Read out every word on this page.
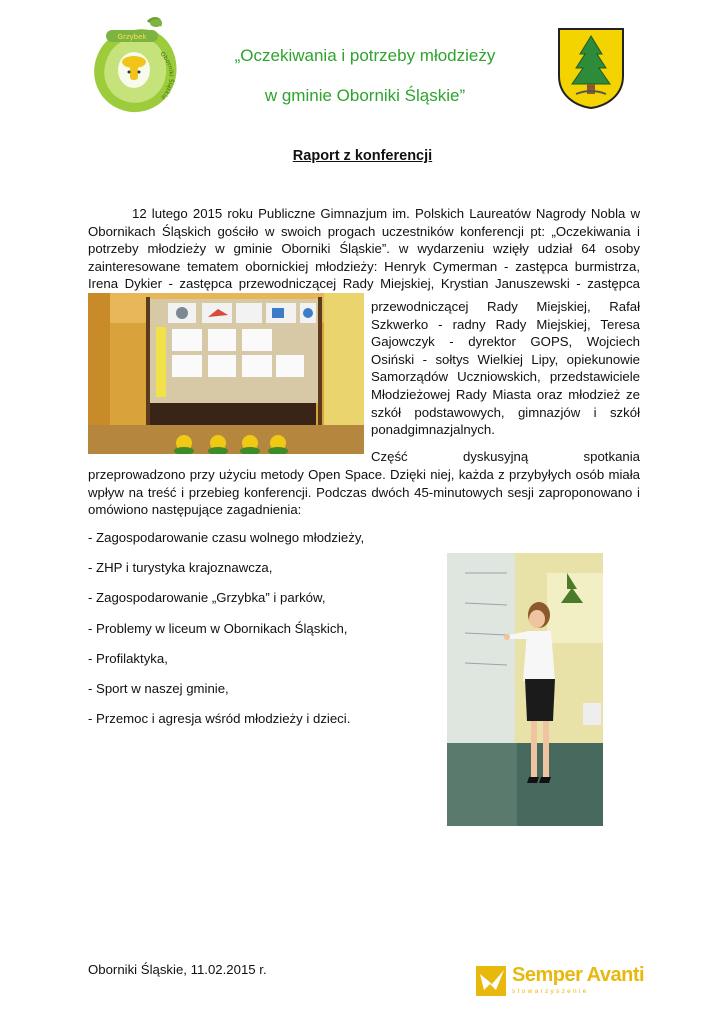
Grzybek
Oborniki Śląskie
„Oczekiwania i potrzeby młodzieży
w gminie Oborniki Śląskie”
Raport z konferencji
12 lutego 2015 roku Publiczne Gimnazjum im. Polskich Laureatów Nagrody Nobla w Obornikach Śląskich gościło w swoich progach uczestników konferencji pt: „Oczekiwania i potrzeby młodzieży w gminie Oborniki Śląskie”. w wydarzeniu wzięły udział 64 osoby zainteresowane tematem obornickiej młodzieży: Henryk Cymerman - zastępca burmistrza, Irena Dykier - zastępca przewodniczącej Rady Miejskiej, Krystian Januszewski - zastępca
przewodniczącej Rady Miejskiej, Rafał Szkwerko - radny Rady Miejskiej, Teresa Gajowczyk - dyrektor GOPS, Wojciech Osiński - sołtys Wielkiej Lipy, opiekunowie Samorządów Uczniowskich, przedstawiciele Młodzieżowej Rady Miasta oraz młodzież ze szkół podstawowych, gimnazjów i szkół ponadgimnazjalnych.
Część dyskusyjną spotkania
przeprowadzono przy użyciu metody Open Space. Dzięki niej, każda z przybyłych osób miała wpływ na treść i przebieg konferencji. Podczas dwóch 45-minutowych sesji zaproponowano i omówiono następujące zagadnienia:
- Zagospodarowanie czasu wolnego młodzieży,
- ZHP i turystyka krajoznawcza,
- Zagospodarowanie „Grzybka” i parków,
- Problemy w liceum w Obornikach Śląskich,
- Profilaktyka,
- Sport w naszej gminie,
- Przemoc i agresja wśród młodzieży i dzieci.
Oborniki Śląskie, 11.02.2015 r.	Semper Avanti
stowarzyszenie
